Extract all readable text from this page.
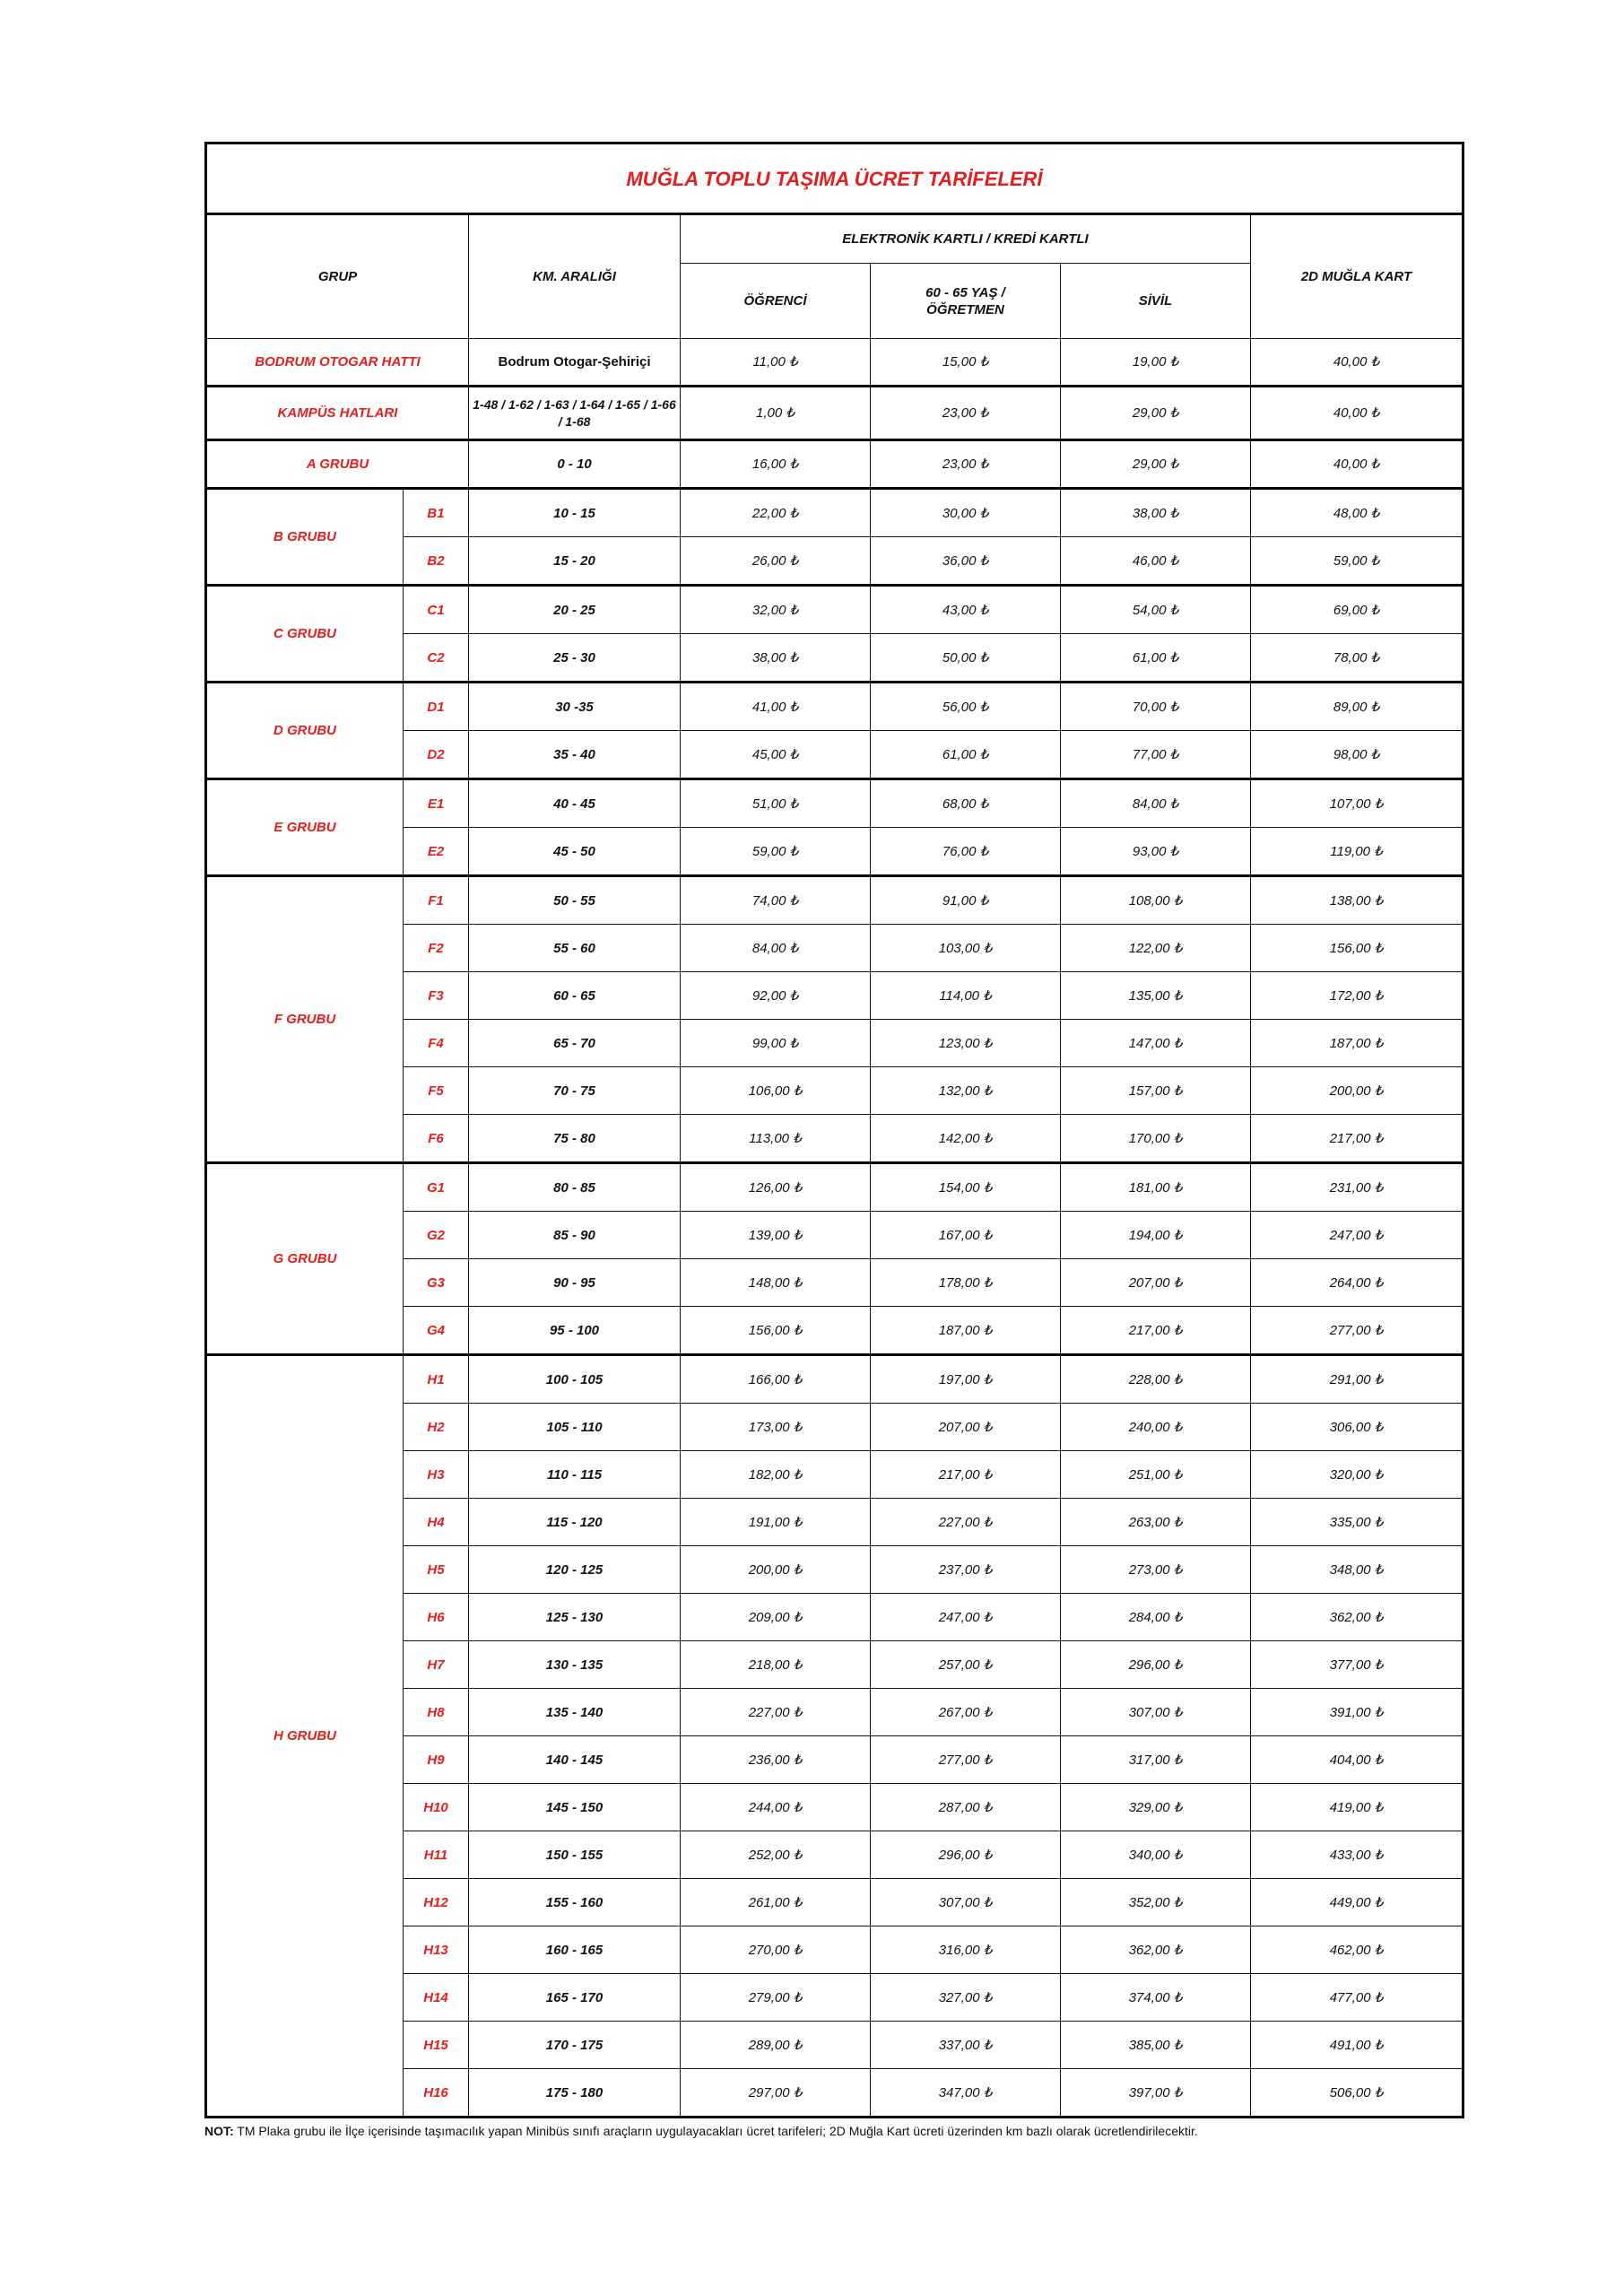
MUĞLA TOPLU TAŞIMA ÜCRET TARİFELERİ						
GRUP		KM. ARALIĞI	ELEKTRONİK KARTLI / KREDİ KARTLI			2D MUĞLA KART
			ÖĞRENCİ	60 - 65 YAŞ /
ÖĞRETMEN	SİVİL	
BODRUM OTOGAR HATTI		Bodrum Otogar-Şehiriçi	11,00 ₺	15,00 ₺	19,00 ₺	40,00 ₺
KAMPÜS HATLARI		1-48 / 1-62 / 1-63 / 1-64 / 1-65 / 1-66 / 1-68	1,00 ₺	23,00 ₺	29,00 ₺	40,00 ₺
A GRUBU		0 - 10	16,00 ₺	23,00 ₺	29,00 ₺	40,00 ₺
B GRUBU	B1	10 - 15	22,00 ₺	30,00 ₺	38,00 ₺	48,00 ₺
	B2	15 - 20	26,00 ₺	36,00 ₺	46,00 ₺	59,00 ₺
C GRUBU	C1	20 - 25	32,00 ₺	43,00 ₺	54,00 ₺	69,00 ₺
	C2	25 - 30	38,00 ₺	50,00 ₺	61,00 ₺	78,00 ₺
D GRUBU	D1	30 -35	41,00 ₺	56,00 ₺	70,00 ₺	89,00 ₺
	D2	35 - 40	45,00 ₺	61,00 ₺	77,00 ₺	98,00 ₺
E GRUBU	E1	40 - 45	51,00 ₺	68,00 ₺	84,00 ₺	107,00 ₺
	E2	45 - 50	59,00 ₺	76,00 ₺	93,00 ₺	119,00 ₺
F GRUBU	F1	50 - 55	74,00 ₺	91,00 ₺	108,00 ₺	138,00 ₺
	F2	55 - 60	84,00 ₺	103,00 ₺	122,00 ₺	156,00 ₺
	F3	60 - 65	92,00 ₺	114,00 ₺	135,00 ₺	172,00 ₺
	F4	65 - 70	99,00 ₺	123,00 ₺	147,00 ₺	187,00 ₺
	F5	70 - 75	106,00 ₺	132,00 ₺	157,00 ₺	200,00 ₺
	F6	75 - 80	113,00 ₺	142,00 ₺	170,00 ₺	217,00 ₺
G GRUBU	G1	80 - 85	126,00 ₺	154,00 ₺	181,00 ₺	231,00 ₺
	G2	85 - 90	139,00 ₺	167,00 ₺	194,00 ₺	247,00 ₺
	G3	90 - 95	148,00 ₺	178,00 ₺	207,00 ₺	264,00 ₺
	G4	95 - 100	156,00 ₺	187,00 ₺	217,00 ₺	277,00 ₺
H GRUBU	H1	100 - 105	166,00 ₺	197,00 ₺	228,00 ₺	291,00 ₺
	H2	105 - 110	173,00 ₺	207,00 ₺	240,00 ₺	306,00 ₺
	H3	110 - 115	182,00 ₺	217,00 ₺	251,00 ₺	320,00 ₺
	H4	115 - 120	191,00 ₺	227,00 ₺	263,00 ₺	335,00 ₺
	H5	120 - 125	200,00 ₺	237,00 ₺	273,00 ₺	348,00 ₺
	H6	125 - 130	209,00 ₺	247,00 ₺	284,00 ₺	362,00 ₺
	H7	130 - 135	218,00 ₺	257,00 ₺	296,00 ₺	377,00 ₺
	H8	135 - 140	227,00 ₺	267,00 ₺	307,00 ₺	391,00 ₺
	H9	140 - 145	236,00 ₺	277,00 ₺	317,00 ₺	404,00 ₺
	H10	145 - 150	244,00 ₺	287,00 ₺	329,00 ₺	419,00 ₺
	H11	150 - 155	252,00 ₺	296,00 ₺	340,00 ₺	433,00 ₺
	H12	155 - 160	261,00 ₺	307,00 ₺	352,00 ₺	449,00 ₺
	H13	160 - 165	270,00 ₺	316,00 ₺	362,00 ₺	462,00 ₺
	H14	165 - 170	279,00 ₺	327,00 ₺	374,00 ₺	477,00 ₺
	H15	170 - 175	289,00 ₺	337,00 ₺	385,00 ₺	491,00 ₺
	H16	175 - 180	297,00 ₺	347,00 ₺	397,00 ₺	506,00 ₺
NOT: TM Plaka grubu ile İlçe içerisinde taşımacılık yapan Minibüs sınıfı araçların uygulayacakları ücret tarifeleri; 2D Muğla Kart ücreti üzerinden km bazlı olarak ücretlendirilecektir.
